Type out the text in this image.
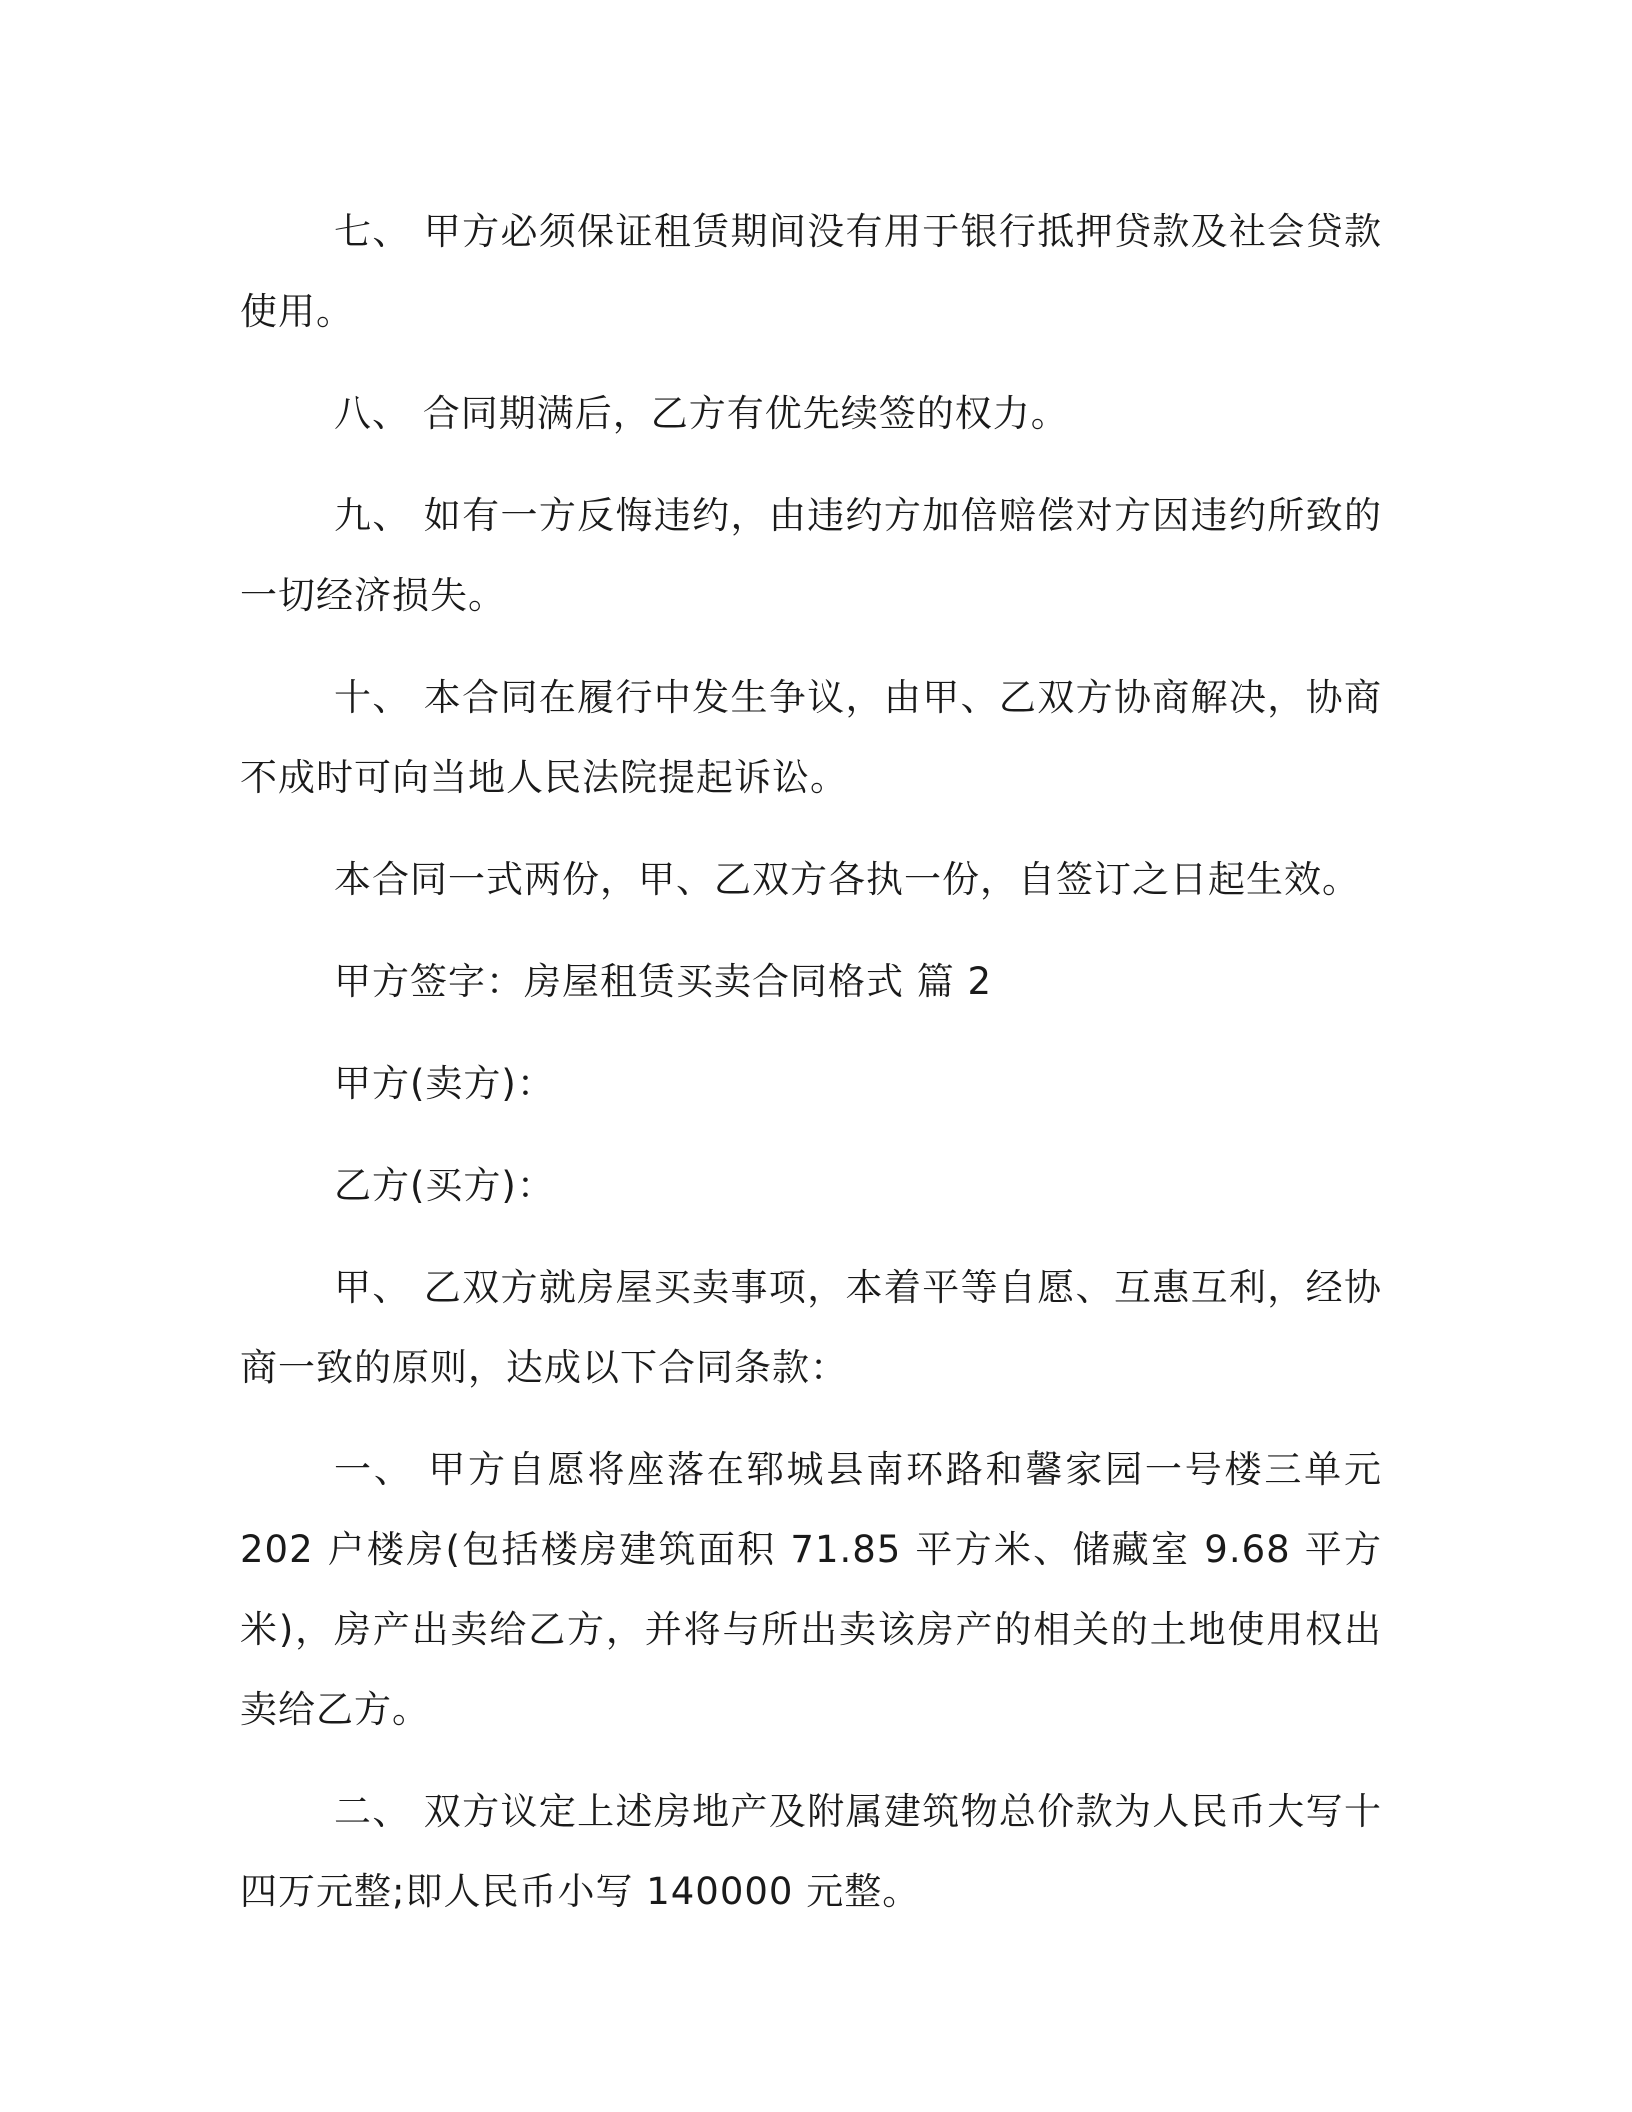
七、 甲方必须保证租赁期间没有用于银行抵押贷款及社会贷款使用。

八、 合同期满后，乙方有优先续签的权力。

九、 如有一方反悔违约，由违约方加倍赔偿对方因违约所致的一切经济损失。

十、 本合同在履行中发生争议，由甲、乙双方协商解决，协商不成时可向当地人民法院提起诉讼。

本合同一式两份，甲、乙双方各执一份，自签订之日起生效。

甲方签字：房屋租赁买卖合同格式 篇 2

甲方(卖方)：

乙方(买方)：

甲、 乙双方就房屋买卖事项，本着平等自愿、互惠互利，经协商一致的原则，达成以下合同条款：

一、 甲方自愿将座落在郓城县南环路和馨家园一号楼三单元 202 户楼房(包括楼房建筑面积 71.85 平方米、储藏室 9.68 平方米)，房产出卖给乙方，并将与所出卖该房产的相关的土地使用权出卖给乙方。

二、 双方议定上述房地产及附属建筑物总价款为人民币大写十四万元整;即人民币小写 140000 元整。
